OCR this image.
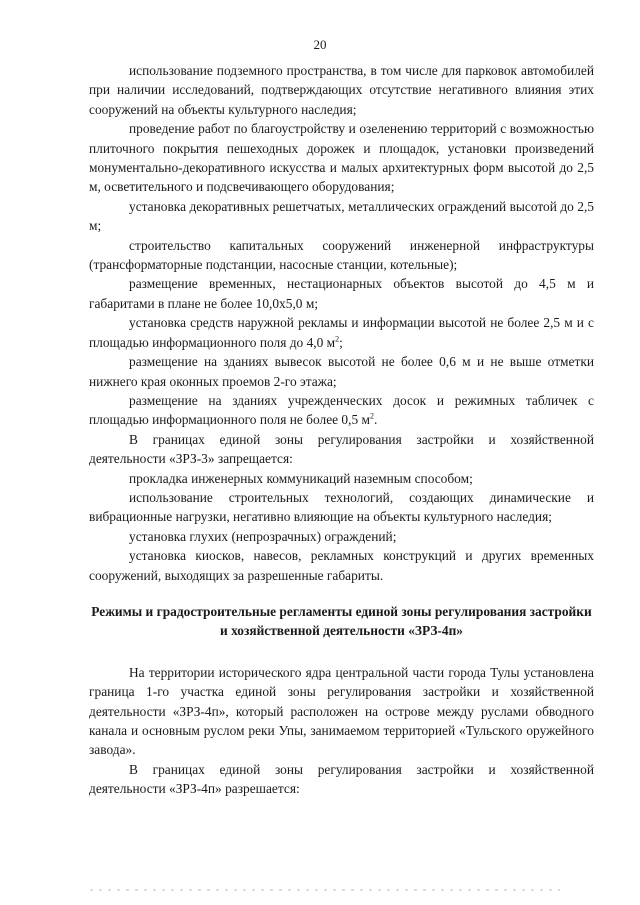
20

использование подземного пространства, в том числе для парковок автомобилей при наличии исследований, подтверждающих отсутствие негативного влияния этих сооружений на объекты культурного наследия;

проведение работ по благоустройству и озеленению территорий с возможностью плиточного покрытия пешеходных дорожек и площадок, установки произведений монументально-декоративного искусства и малых архитектурных форм высотой до 2,5 м, осветительного и подсвечивающего оборудования;

установка декоративных решетчатых, металлических ограждений высотой до 2,5 м;

строительство капитальных сооружений инженерной инфраструктуры (трансформаторные подстанции, насосные станции, котельные);

размещение временных, нестационарных объектов высотой до 4,5 м и габаритами в плане не более 10,0х5,0 м;

установка средств наружной рекламы и информации высотой не более 2,5 м и с площадью информационного поля до 4,0 $м^2$;

размещение на зданиях вывесок высотой не более 0,6 м и не выше отметки нижнего края оконных проемов 2-го этажа;

размещение на зданиях учрежденческих досок и режимных табличек с площадью информационного поля не более 0,5 $м^2$.

В границах единой зоны регулирования застройки и хозяйственной деятельности «ЗРЗ-3» запрещается:

прокладка инженерных коммуникаций наземным способом;

использование строительных технологий, создающих динамические и вибрационные нагрузки, негативно влияющие на объекты культурного наследия;

установка глухих (непрозрачных) ограждений;

установка киосков, навесов, рекламных конструкций и других временных сооружений, выходящих за разрешенные габариты.

Режимы и градостроительные регламенты единой зоны регулирования застройки и хозяйственной деятельности «ЗРЗ-4п»

На территории исторического ядра центральной части города Тулы установлена граница 1-го участка единой зоны регулирования застройки и хозяйственной деятельности «ЗРЗ-4п», который расположен на острове между руслами обводного канала и основным руслом реки Упы, занимаемом территорией «Тульского оружейного завода».

В границах единой зоны регулирования застройки и хозяйственной деятельности «ЗРЗ-4п» разрешается:
